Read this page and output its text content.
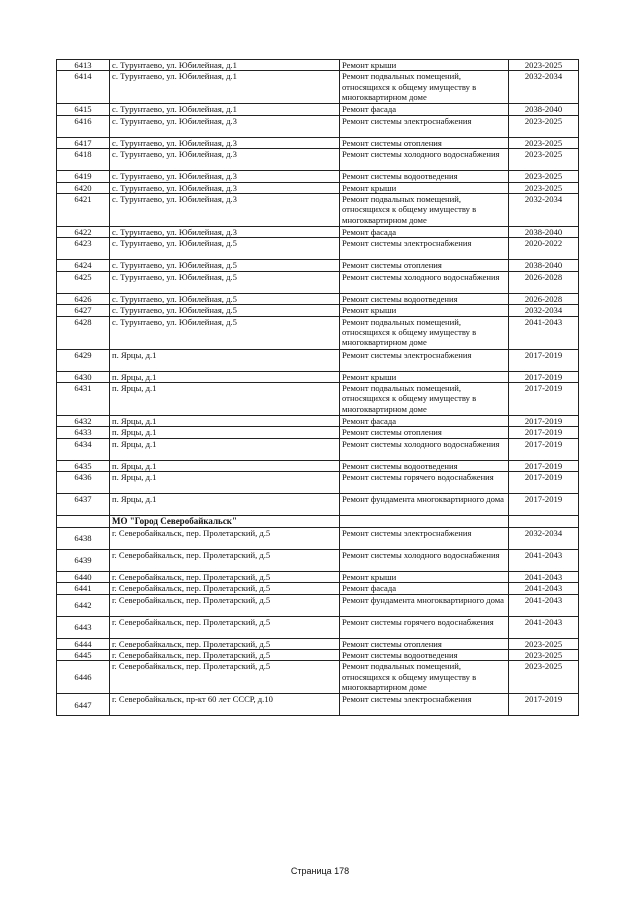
6413	с. Турунтаево, ул. Юбилейная, д.1	Ремонт крыши	2023-2025
6414	с. Турунтаево, ул. Юбилейная, д.1	Ремонт подвальных помещений, относящихся к общему имуществу в многоквартирном доме	2032-2034
6415	с. Турунтаево, ул. Юбилейная, д.1	Ремонт фасада	2038-2040
6416	с. Турунтаево, ул. Юбилейная, д.3	Ремонт системы электроснабжения	2023-2025
6417	с. Турунтаево, ул. Юбилейная, д.3	Ремонт системы отопления	2023-2025
6418	с. Турунтаево, ул. Юбилейная, д.3	Ремонт системы холодного водоснабжения	2023-2025
6419	с. Турунтаево, ул. Юбилейная, д.3	Ремонт системы водоотведения	2023-2025
6420	с. Турунтаево, ул. Юбилейная, д.3	Ремонт крыши	2023-2025
6421	с. Турунтаево, ул. Юбилейная, д.3	Ремонт подвальных помещений, относящихся к общему имуществу в многоквартирном доме	2032-2034
6422	с. Турунтаево, ул. Юбилейная, д.3	Ремонт фасада	2038-2040
6423	с. Турунтаево, ул. Юбилейная, д.5	Ремонт системы электроснабжения	2020-2022
6424	с. Турунтаево, ул. Юбилейная, д.5	Ремонт системы отопления	2038-2040
6425	с. Турунтаево, ул. Юбилейная, д.5	Ремонт системы холодного водоснабжения	2026-2028
6426	с. Турунтаево, ул. Юбилейная, д.5	Ремонт системы водоотведения	2026-2028
6427	с. Турунтаево, ул. Юбилейная, д.5	Ремонт крыши	2032-2034
6428	с. Турунтаево, ул. Юбилейная, д.5	Ремонт подвальных помещений, относящихся к общему имуществу в многоквартирном доме	2041-2043
6429	п. Ярцы, д.1	Ремонт системы электроснабжения	2017-2019
6430	п. Ярцы, д.1	Ремонт крыши	2017-2019
6431	п. Ярцы, д.1	Ремонт подвальных помещений, относящихся к общему имуществу в многоквартирном доме	2017-2019
6432	п. Ярцы, д.1	Ремонт фасада	2017-2019
6433	п. Ярцы, д.1	Ремонт системы отопления	2017-2019
6434	п. Ярцы, д.1	Ремонт системы холодного водоснабжения	2017-2019
6435	п. Ярцы, д.1	Ремонт системы водоотведения	2017-2019
6436	п. Ярцы, д.1	Ремонт системы горячего водоснабжения	2017-2019
6437	п. Ярцы, д.1	Ремонт фундамента многоквартирного дома	2017-2019
	МО "Город Северобайкальск"		
6438	г. Северобайкальск, пер. Пролетарский, д.5	Ремонт системы электроснабжения	2032-2034
6439	г. Северобайкальск, пер. Пролетарский, д.5	Ремонт системы холодного водоснабжения	2041-2043
6440	г. Северобайкальск, пер. Пролетарский, д.5	Ремонт крыши	2041-2043
6441	г. Северобайкальск, пер. Пролетарский, д.5	Ремонт фасада	2041-2043
6442	г. Северобайкальск, пер. Пролетарский, д.5	Ремонт фундамента многоквартирного дома	2041-2043
6443	г. Северобайкальск, пер. Пролетарский, д.5	Ремонт системы горячего водоснабжения	2041-2043
6444	г. Северобайкальск, пер. Пролетарский, д.5	Ремонт системы отопления	2023-2025
6445	г. Северобайкальск, пер. Пролетарский, д.5	Ремонт системы водоотведения	2023-2025
6446	г. Северобайкальск, пер. Пролетарский, д.5	Ремонт подвальных помещений, относящихся к общему имуществу в многоквартирном доме	2023-2025
6447	г. Северобайкальск, пр-кт 60 лет СССР, д.10	Ремонт системы электроснабжения	2017-2019
Страница 178
